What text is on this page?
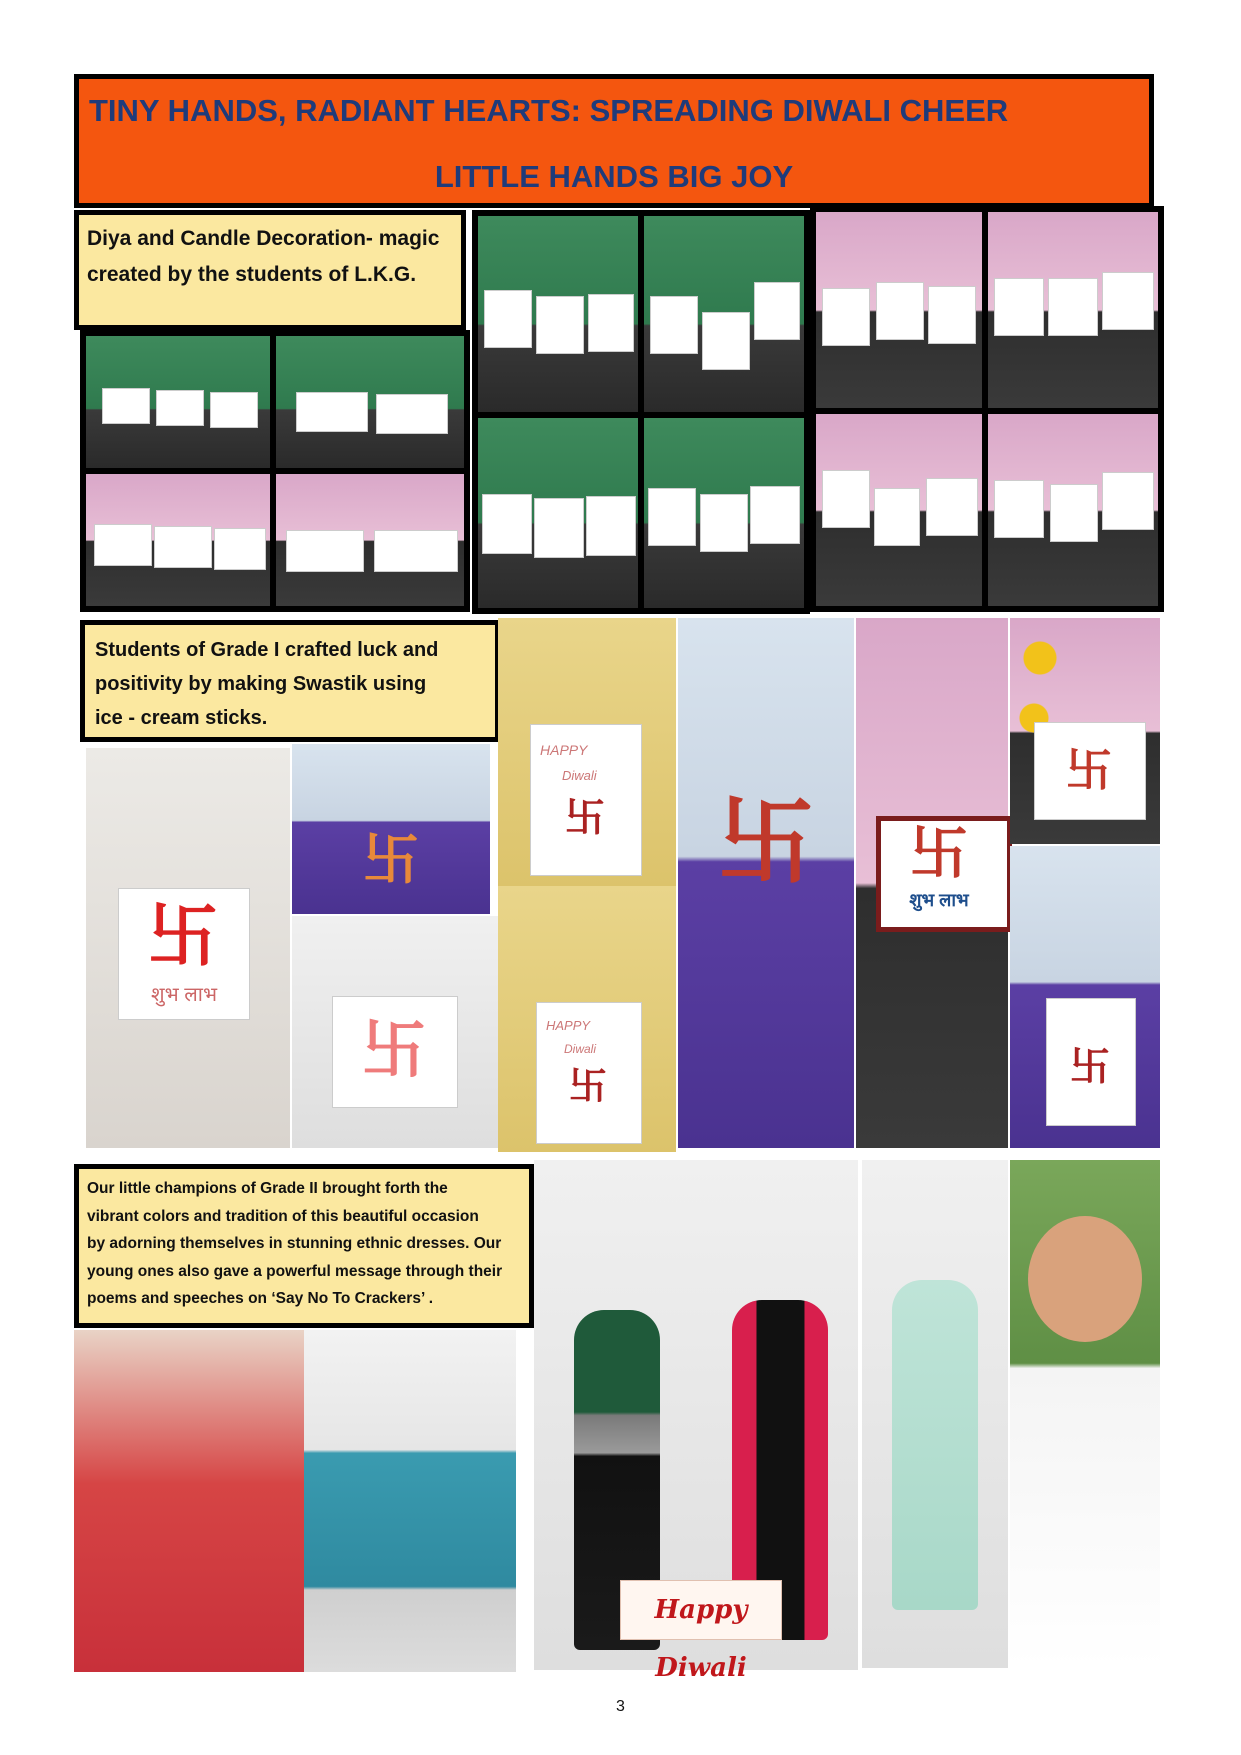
TINY HANDS, RADIANT HEARTS: SPREADING DIWALI CHEER
LITTLE HANDS BIG JOY
Diya and Candle Decoration- magic
created by the students of L.K.G.
Students of Grade I crafted luck and
positivity by making Swastik using
ice - cream sticks.
卐
शुभ लाभ
卐
卐
HAPPY
Diwali
卐
HAPPY
Diwali
卐
卐	卐
शुभ लाभ
卐
卐
Our little champions of Grade II brought forth the
vibrant colors and tradition of this beautiful occasion
by adorning themselves in stunning ethnic dresses. Our
young ones also gave a powerful message through their
poems and speeches on ‘Say No To Crackers’ .
Happy Diwali
3
